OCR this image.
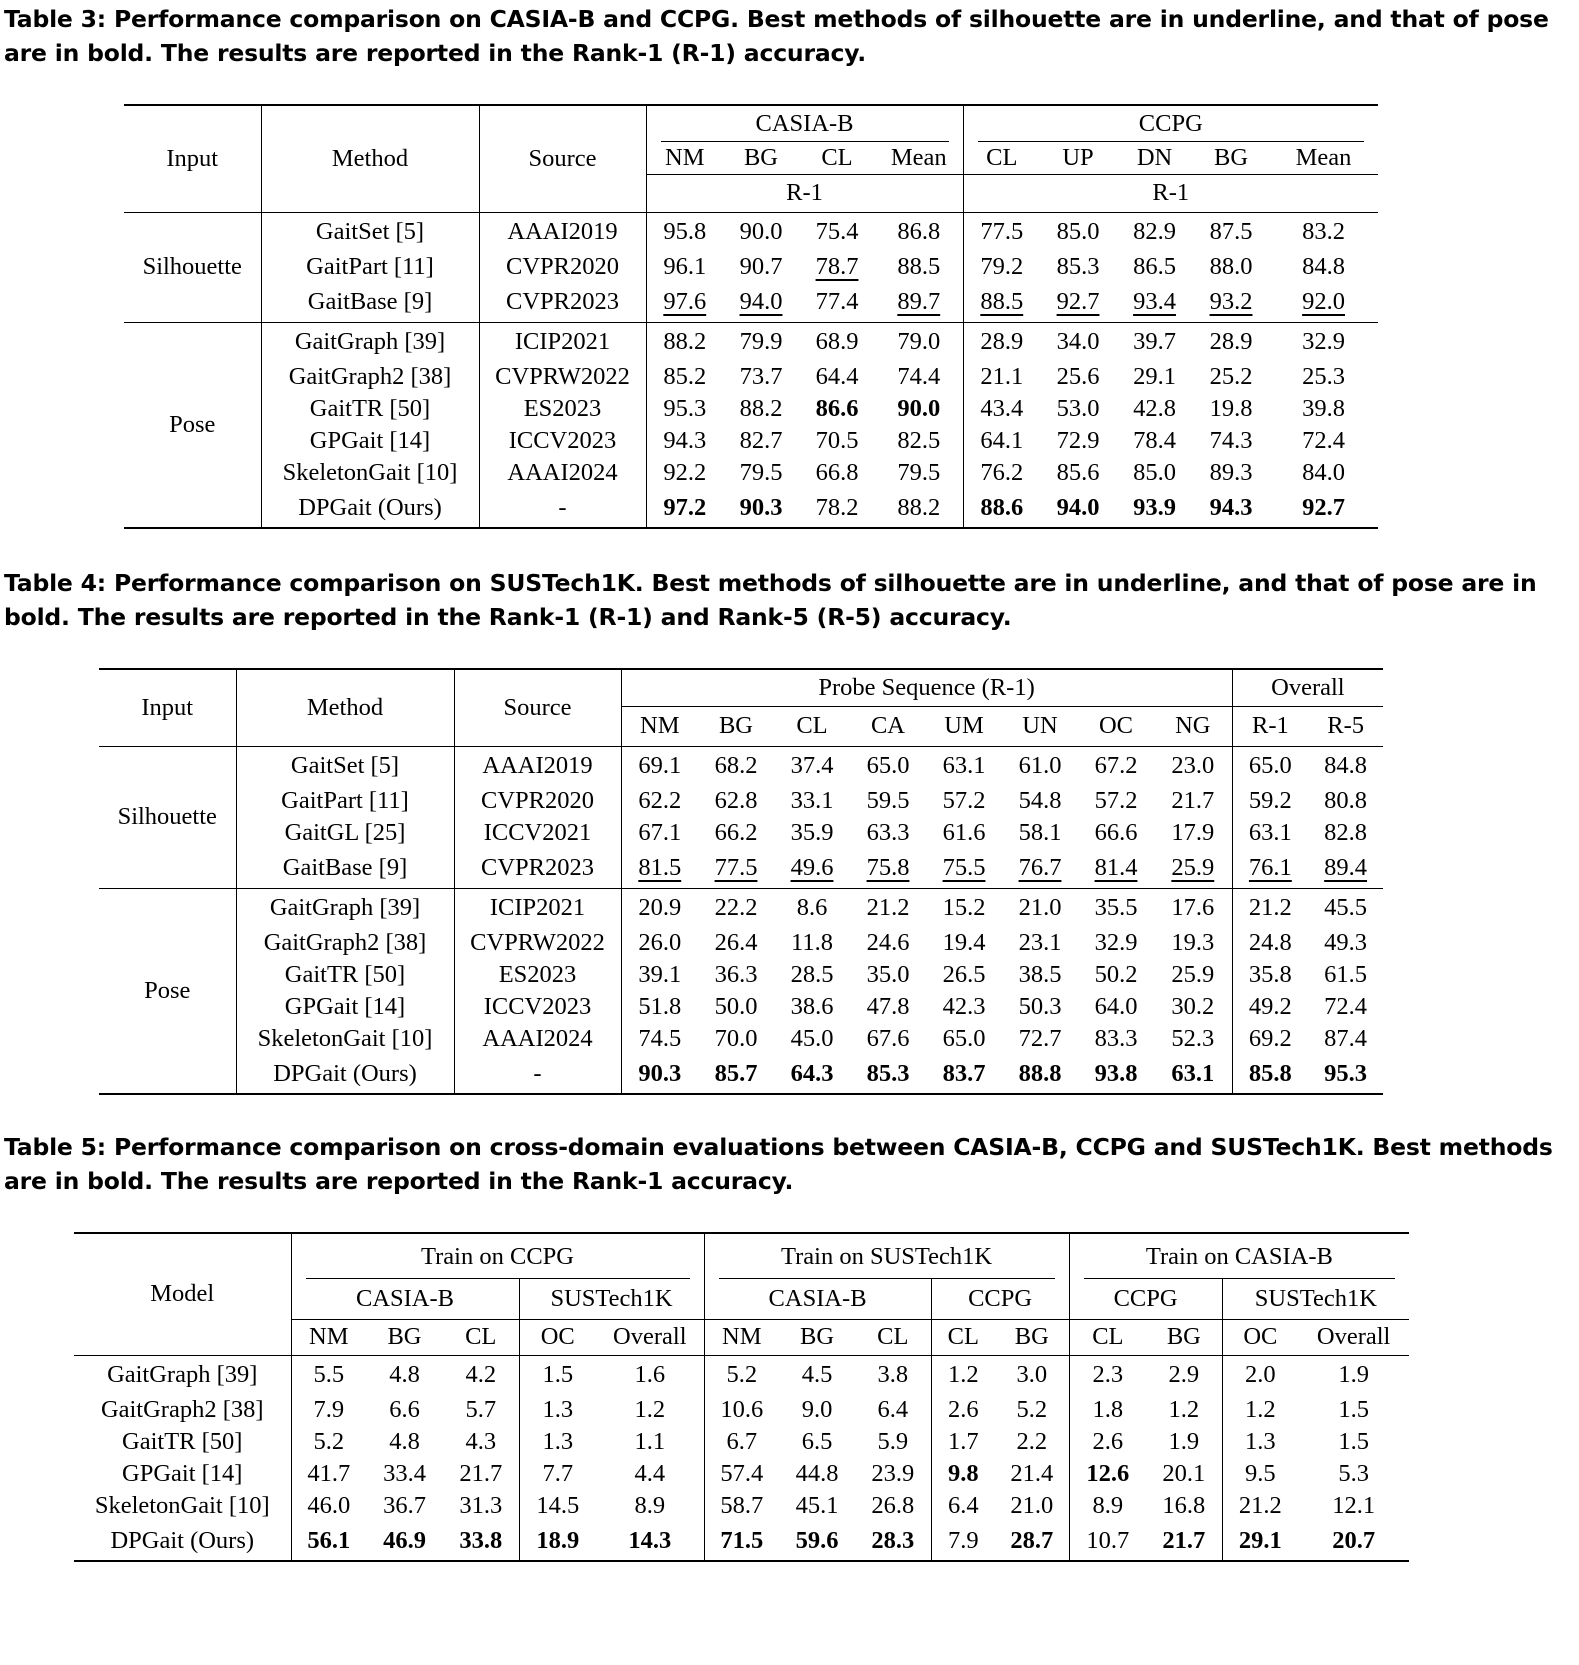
Table 3: Performance comparison on CASIA-B and CCPG. Best methods of silhouette are in underline, and that of pose are in bold. The results are reported in the Rank-1 (R-1) accuracy.
Input	Method	Source	CASIA-B				CCPG				
			NM	BG	CL	Mean	CL	UP	DN	BG	Mean
			R-1				R-1				
Silhouette	GaitSet [5]	AAAI2019	95.8	90.0	75.4	86.8	77.5	85.0	82.9	87.5	83.2
	GaitPart [11]	CVPR2020	96.1	90.7	78.7	88.5	79.2	85.3	86.5	88.0	84.8
	GaitBase [9]	CVPR2023	97.6	94.0	77.4	89.7	88.5	92.7	93.4	93.2	92.0
Pose	GaitGraph [39]	ICIP2021	88.2	79.9	68.9	79.0	28.9	34.0	39.7	28.9	32.9
	GaitGraph2 [38]	CVPRW2022	85.2	73.7	64.4	74.4	21.1	25.6	29.1	25.2	25.3
	GaitTR [50]	ES2023	95.3	88.2	86.6	90.0	43.4	53.0	42.8	19.8	39.8
	GPGait [14]	ICCV2023	94.3	82.7	70.5	82.5	64.1	72.9	78.4	74.3	72.4
	SkeletonGait [10]	AAAI2024	92.2	79.5	66.8	79.5	76.2	85.6	85.0	89.3	84.0
	DPGait (Ours)	-	97.2	90.3	78.2	88.2	88.6	94.0	93.9	94.3	92.7
Table 4: Performance comparison on SUSTech1K. Best methods of silhouette are in underline, and that of pose are in bold. The results are reported in the Rank-1 (R-1) and Rank-5 (R-5) accuracy.
Input	Method	Source	Probe Sequence (R-1)								Overall	
			NM	BG	CL	CA	UM	UN	OC	NG	R-1	R-5
Silhouette	GaitSet [5]	AAAI2019	69.1	68.2	37.4	65.0	63.1	61.0	67.2	23.0	65.0	84.8
	GaitPart [11]	CVPR2020	62.2	62.8	33.1	59.5	57.2	54.8	57.2	21.7	59.2	80.8
	GaitGL [25]	ICCV2021	67.1	66.2	35.9	63.3	61.6	58.1	66.6	17.9	63.1	82.8
	GaitBase [9]	CVPR2023	81.5	77.5	49.6	75.8	75.5	76.7	81.4	25.9	76.1	89.4
Pose	GaitGraph [39]	ICIP2021	20.9	22.2	8.6	21.2	15.2	21.0	35.5	17.6	21.2	45.5
	GaitGraph2 [38]	CVPRW2022	26.0	26.4	11.8	24.6	19.4	23.1	32.9	19.3	24.8	49.3
	GaitTR [50]	ES2023	39.1	36.3	28.5	35.0	26.5	38.5	50.2	25.9	35.8	61.5
	GPGait [14]	ICCV2023	51.8	50.0	38.6	47.8	42.3	50.3	64.0	30.2	49.2	72.4
	SkeletonGait [10]	AAAI2024	74.5	70.0	45.0	67.6	65.0	72.7	83.3	52.3	69.2	87.4
	DPGait (Ours)	-	90.3	85.7	64.3	85.3	83.7	88.8	93.8	63.1	85.8	95.3
Table 5: Performance comparison on cross-domain evaluations between CASIA-B, CCPG and SUSTech1K. Best methods are in bold. The results are reported in the Rank-1 accuracy.
Model	Train on CCPG					Train on SUSTech1K					Train on CASIA-B			
	CASIA-B			SUSTech1K		CASIA-B			CCPG		CCPG		SUSTech1K	
	NM	BG	CL	OC	Overall	NM	BG	CL	CL	BG	CL	BG	OC	Overall
GaitGraph [39]	5.5	4.8	4.2	1.5	1.6	5.2	4.5	3.8	1.2	3.0	2.3	2.9	2.0	1.9
GaitGraph2 [38]	7.9	6.6	5.7	1.3	1.2	10.6	9.0	6.4	2.6	5.2	1.8	1.2	1.2	1.5
GaitTR [50]	5.2	4.8	4.3	1.3	1.1	6.7	6.5	5.9	1.7	2.2	2.6	1.9	1.3	1.5
GPGait [14]	41.7	33.4	21.7	7.7	4.4	57.4	44.8	23.9	9.8	21.4	12.6	20.1	9.5	5.3
SkeletonGait [10]	46.0	36.7	31.3	14.5	8.9	58.7	45.1	26.8	6.4	21.0	8.9	16.8	21.2	12.1
DPGait (Ours)	56.1	46.9	33.8	18.9	14.3	71.5	59.6	28.3	7.9	28.7	10.7	21.7	29.1	20.7
